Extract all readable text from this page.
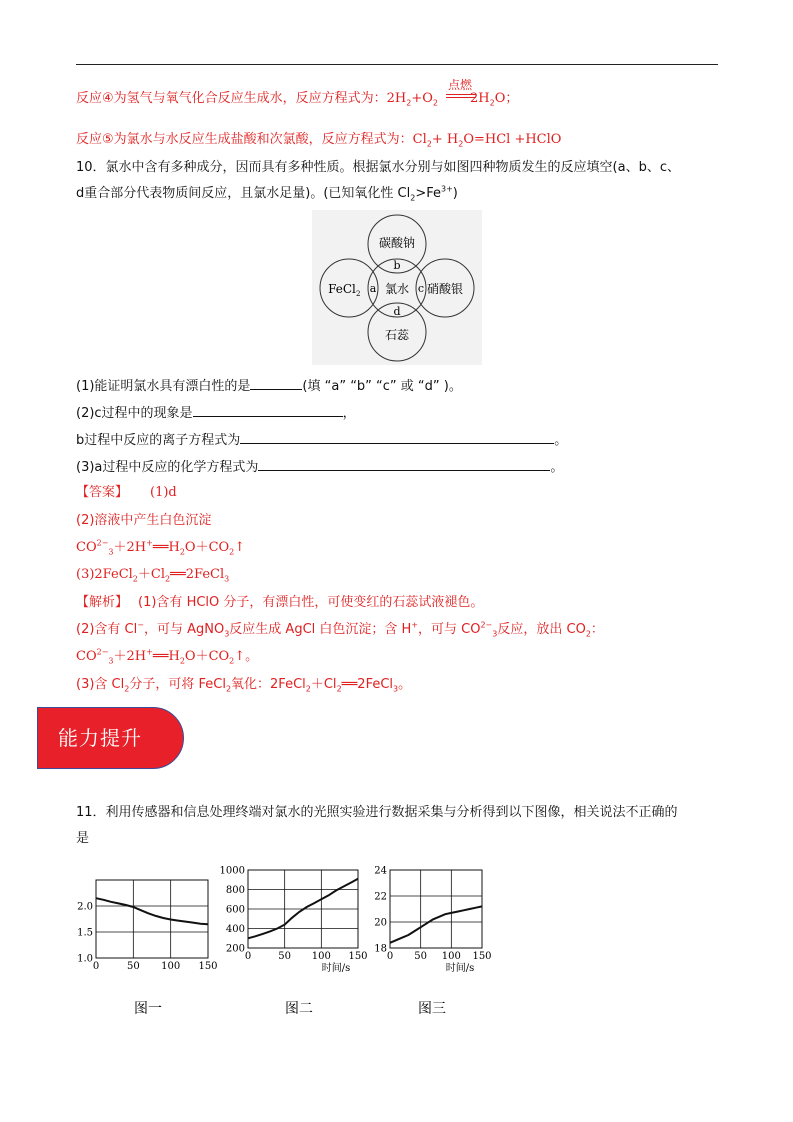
点燃
反应④为氢气与氧气化合反应生成水，反应方程式为：$2H_2+O_2$ $2H_2O$；
反应⑤为氯水与水反应生成盐酸和次氯酸，反应方程式为：$Cl_2+ H_2O=HCl$ +HClO
10．氯水中含有多种成分，因而具有多种性质。根据氯水分别与如图四种物质发生的反应填空(a、b、c、
d重合部分代表物质间反应，且氯水足量)。(已知氧化性 $Cl_2>Fe^{3+}$)
碳酸钠
氯水 硝酸银
石蕊
FeCl 2 a
b
c
d
(1)能证明氯水具有漂白性的是	(填 “a” “b” “c” 或 “d” )。
(2)c过程中的现象是	，
b过程中反应的离子方程式为	。
(3)a过程中反应的化学方程式为	。
【答案】 (1)d
(2)溶液中产生白色沉淀
$CO^{2-}_3+2H^+══H_2O+CO_2↑$
$(3)2FeCl_2+Cl_2══2FeCl_3$
【解析】 (1)含有 HClO 分子，有漂白性，可使变红的石蕊试液褪色。
(2)含有 Cl−，可与 AgNO$_3$反应生成 AgCl 白色沉淀；含 H+，可与 $CO^{2-}_3$反应，放出 $CO_2$：
$CO^{2-}_3+2H^+══H_2O+CO_2↑$。
(3)含 $Cl_2$分子，可将 FeCl$_2$氧化：$2FeCl_2+Cl_2══2FeCl_3$。
能力提升
11．利用传感器和信息处理终端对氯水的光照实验进行数据采集与分析得到以下图像，相关说法不正确的
是
0	50 100 150
1.0
1.5
2.0
图一
0	50 100 150
200
400
600
800
1000
时间/s
图二
0 50 100 150
18
20
22
24
时间/s
图三
